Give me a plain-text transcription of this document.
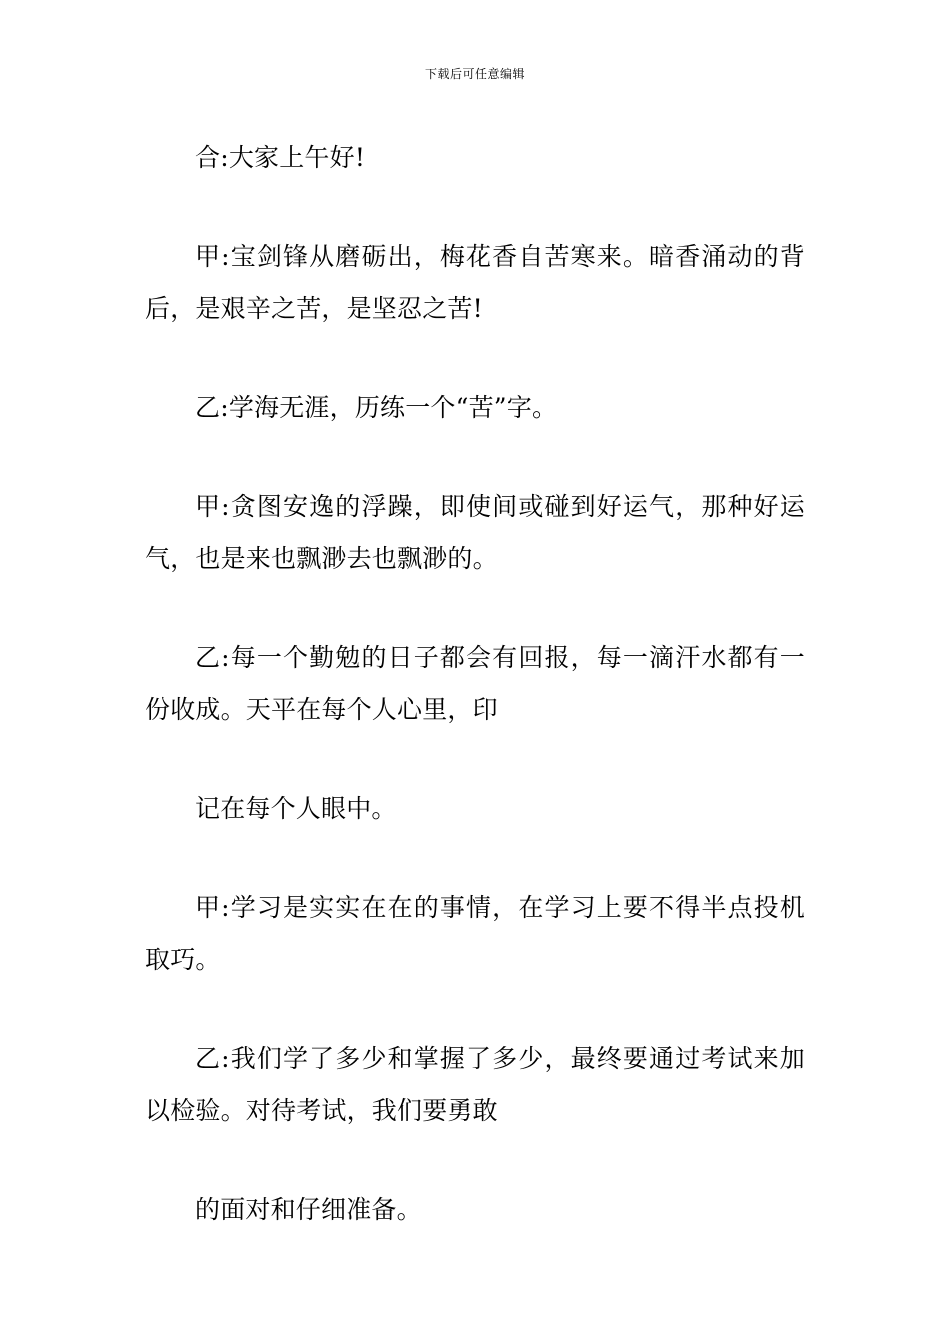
下载后可任意编辑

合:大家上午好!

甲:宝剑锋从磨砺出，梅花香自苦寒来。暗香涌动的背后，是艰辛之苦，是坚忍之苦!

乙:学海无涯，历练一个“苦”字。

甲:贪图安逸的浮躁，即使间或碰到好运气，那种好运气，也是来也飘渺去也飘渺的。

乙:每一个勤勉的日子都会有回报，每一滴汗水都有一份收成。天平在每个人心里，印

记在每个人眼中。

甲:学习是实实在在的事情，在学习上要不得半点投机取巧。

乙:我们学了多少和掌握了多少，最终要通过考试来加以检验。对待考试，我们要勇敢

的面对和仔细准备。
